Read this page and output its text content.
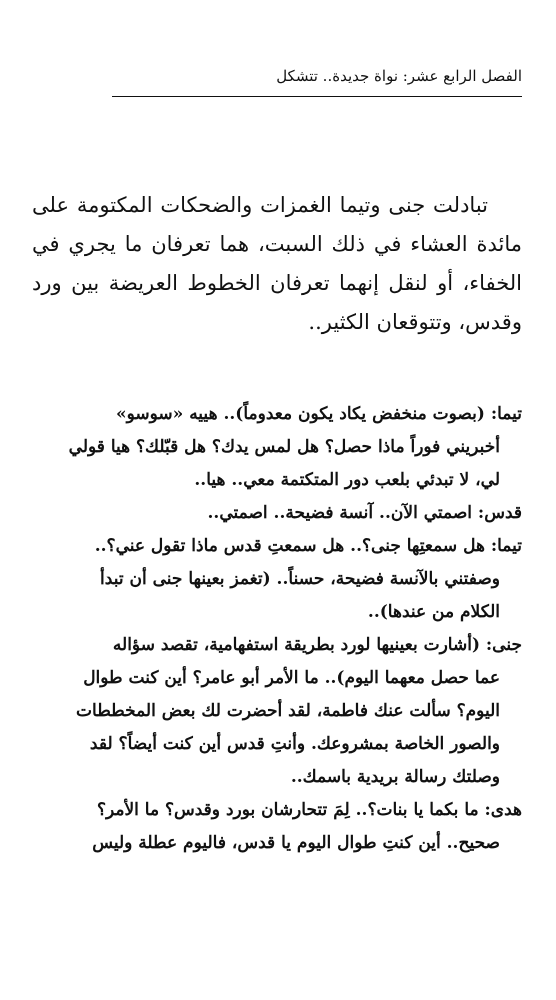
الفصل الرابع عشر: نواة جديدة.. تتشكل

تبادلت جنى وتيما الغمزات والضحكات المكتومة على مائدة العشاء في ذلك السبت، هما تعرفان ما يجري في الخفاء، أو لنقل إنهما تعرفان الخطوط العريضة بين ورد وقدس، وتتوقعان الكثير..

تيما: (بصوت منخفض يكاد يكون معدوماً).. هييه «سوسو»
أخبريني فوراً ماذا حصل؟ هل لمس يدك؟ هل قبّلك؟ هيا قولي
لي، لا تبدئي بلعب دور المتكتمة معي.. هيا..
قدس: اصمتي الآن.. آنسة فضيحة.. اصمتي..
تيما: هل سمعتِها جنى؟.. هل سمعتِ قدس ماذا تقول عني؟..
وصفتني بالآنسة فضيحة، حسناً.. (تغمز بعينها جنى أن تبدأ
الكلام من عندها)..
جنى: (أشارت بعينيها لورد بطريقة استفهامية، تقصد سؤاله
عما حصل معهما اليوم).. ما الأمر أبو عامر؟ أين كنت طوال
اليوم؟ سألت عنك فاطمة، لقد أحضرت لك بعض المخططات
والصور الخاصة بمشروعك. وأنتِ قدس أين كنت أيضاً؟ لقد
وصلتك رسالة بريدية باسمك..
هدى: ما بكما يا بنات؟.. لِمَ تتحارشان بورد وقدس؟ ما الأمر؟
صحيح.. أين كنتِ طوال اليوم يا قدس، فاليوم عطلة وليس
